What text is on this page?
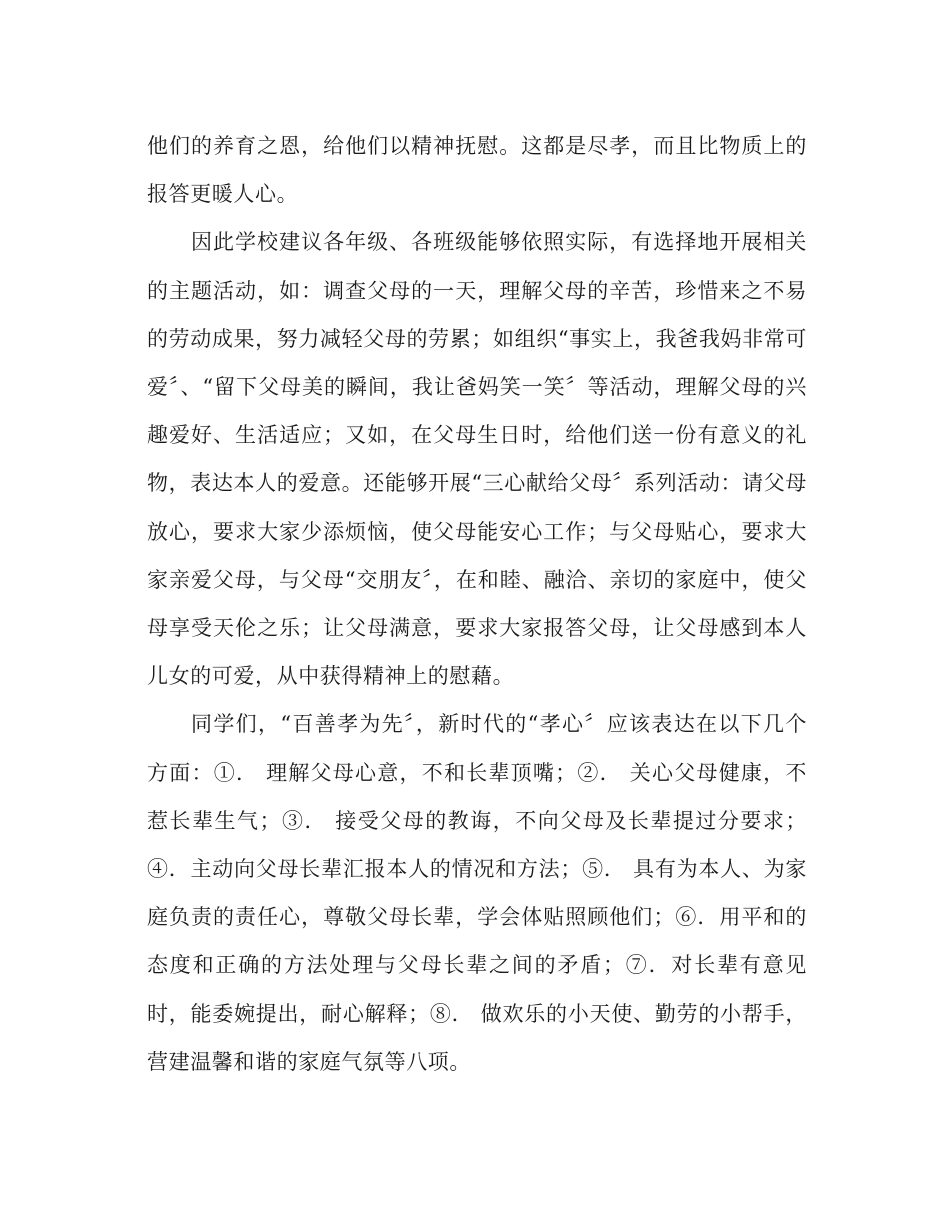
他们的养育之恩，给他们以精神抚慰。这都是尽孝，而且比物质上的报答更暖人心。

因此学校建议各年级、各班级能够依照实际，有选择地开展相关的主题活动，如：调查父母的一天，理解父母的辛苦，珍惜来之不易的劳动成果，努力减轻父母的劳累；如组织“事实上，我爸我妈非常可爱〞、“留下父母美的瞬间，我让爸妈笑一笑〞等活动，理解父母的兴趣爱好、生活适应；又如，在父母生日时，给他们送一份有意义的礼物，表达本人的爱意。还能够开展“三心献给父母〞系列活动：请父母放心，要求大家少添烦恼，使父母能安心工作；与父母贴心，要求大家亲爱父母，与父母“交朋友〞，在和睦、融洽、亲切的家庭中，使父母享受天伦之乐；让父母满意，要求大家报答父母，让父母感到本人儿女的可爱，从中获得精神上的慰藉。

同学们，“百善孝为先〞，新时代的“孝心〞应该表达在以下几个方面：①． 理解父母心意，不和长辈顶嘴；②． 关心父母健康，不惹长辈生气；③． 接受父母的教诲，不向父母及长辈提过分要求；④．主动向父母长辈汇报本人的情况和方法；⑤． 具有为本人、为家庭负责的责任心，尊敬父母长辈，学会体贴照顾他们；⑥．用平和的态度和正确的方法处理与父母长辈之间的矛盾；⑦．对长辈有意见时，能委婉提出，耐心解释；⑧． 做欢乐的小天使、勤劳的小帮手，营建温馨和谐的家庭气氛等八项。
